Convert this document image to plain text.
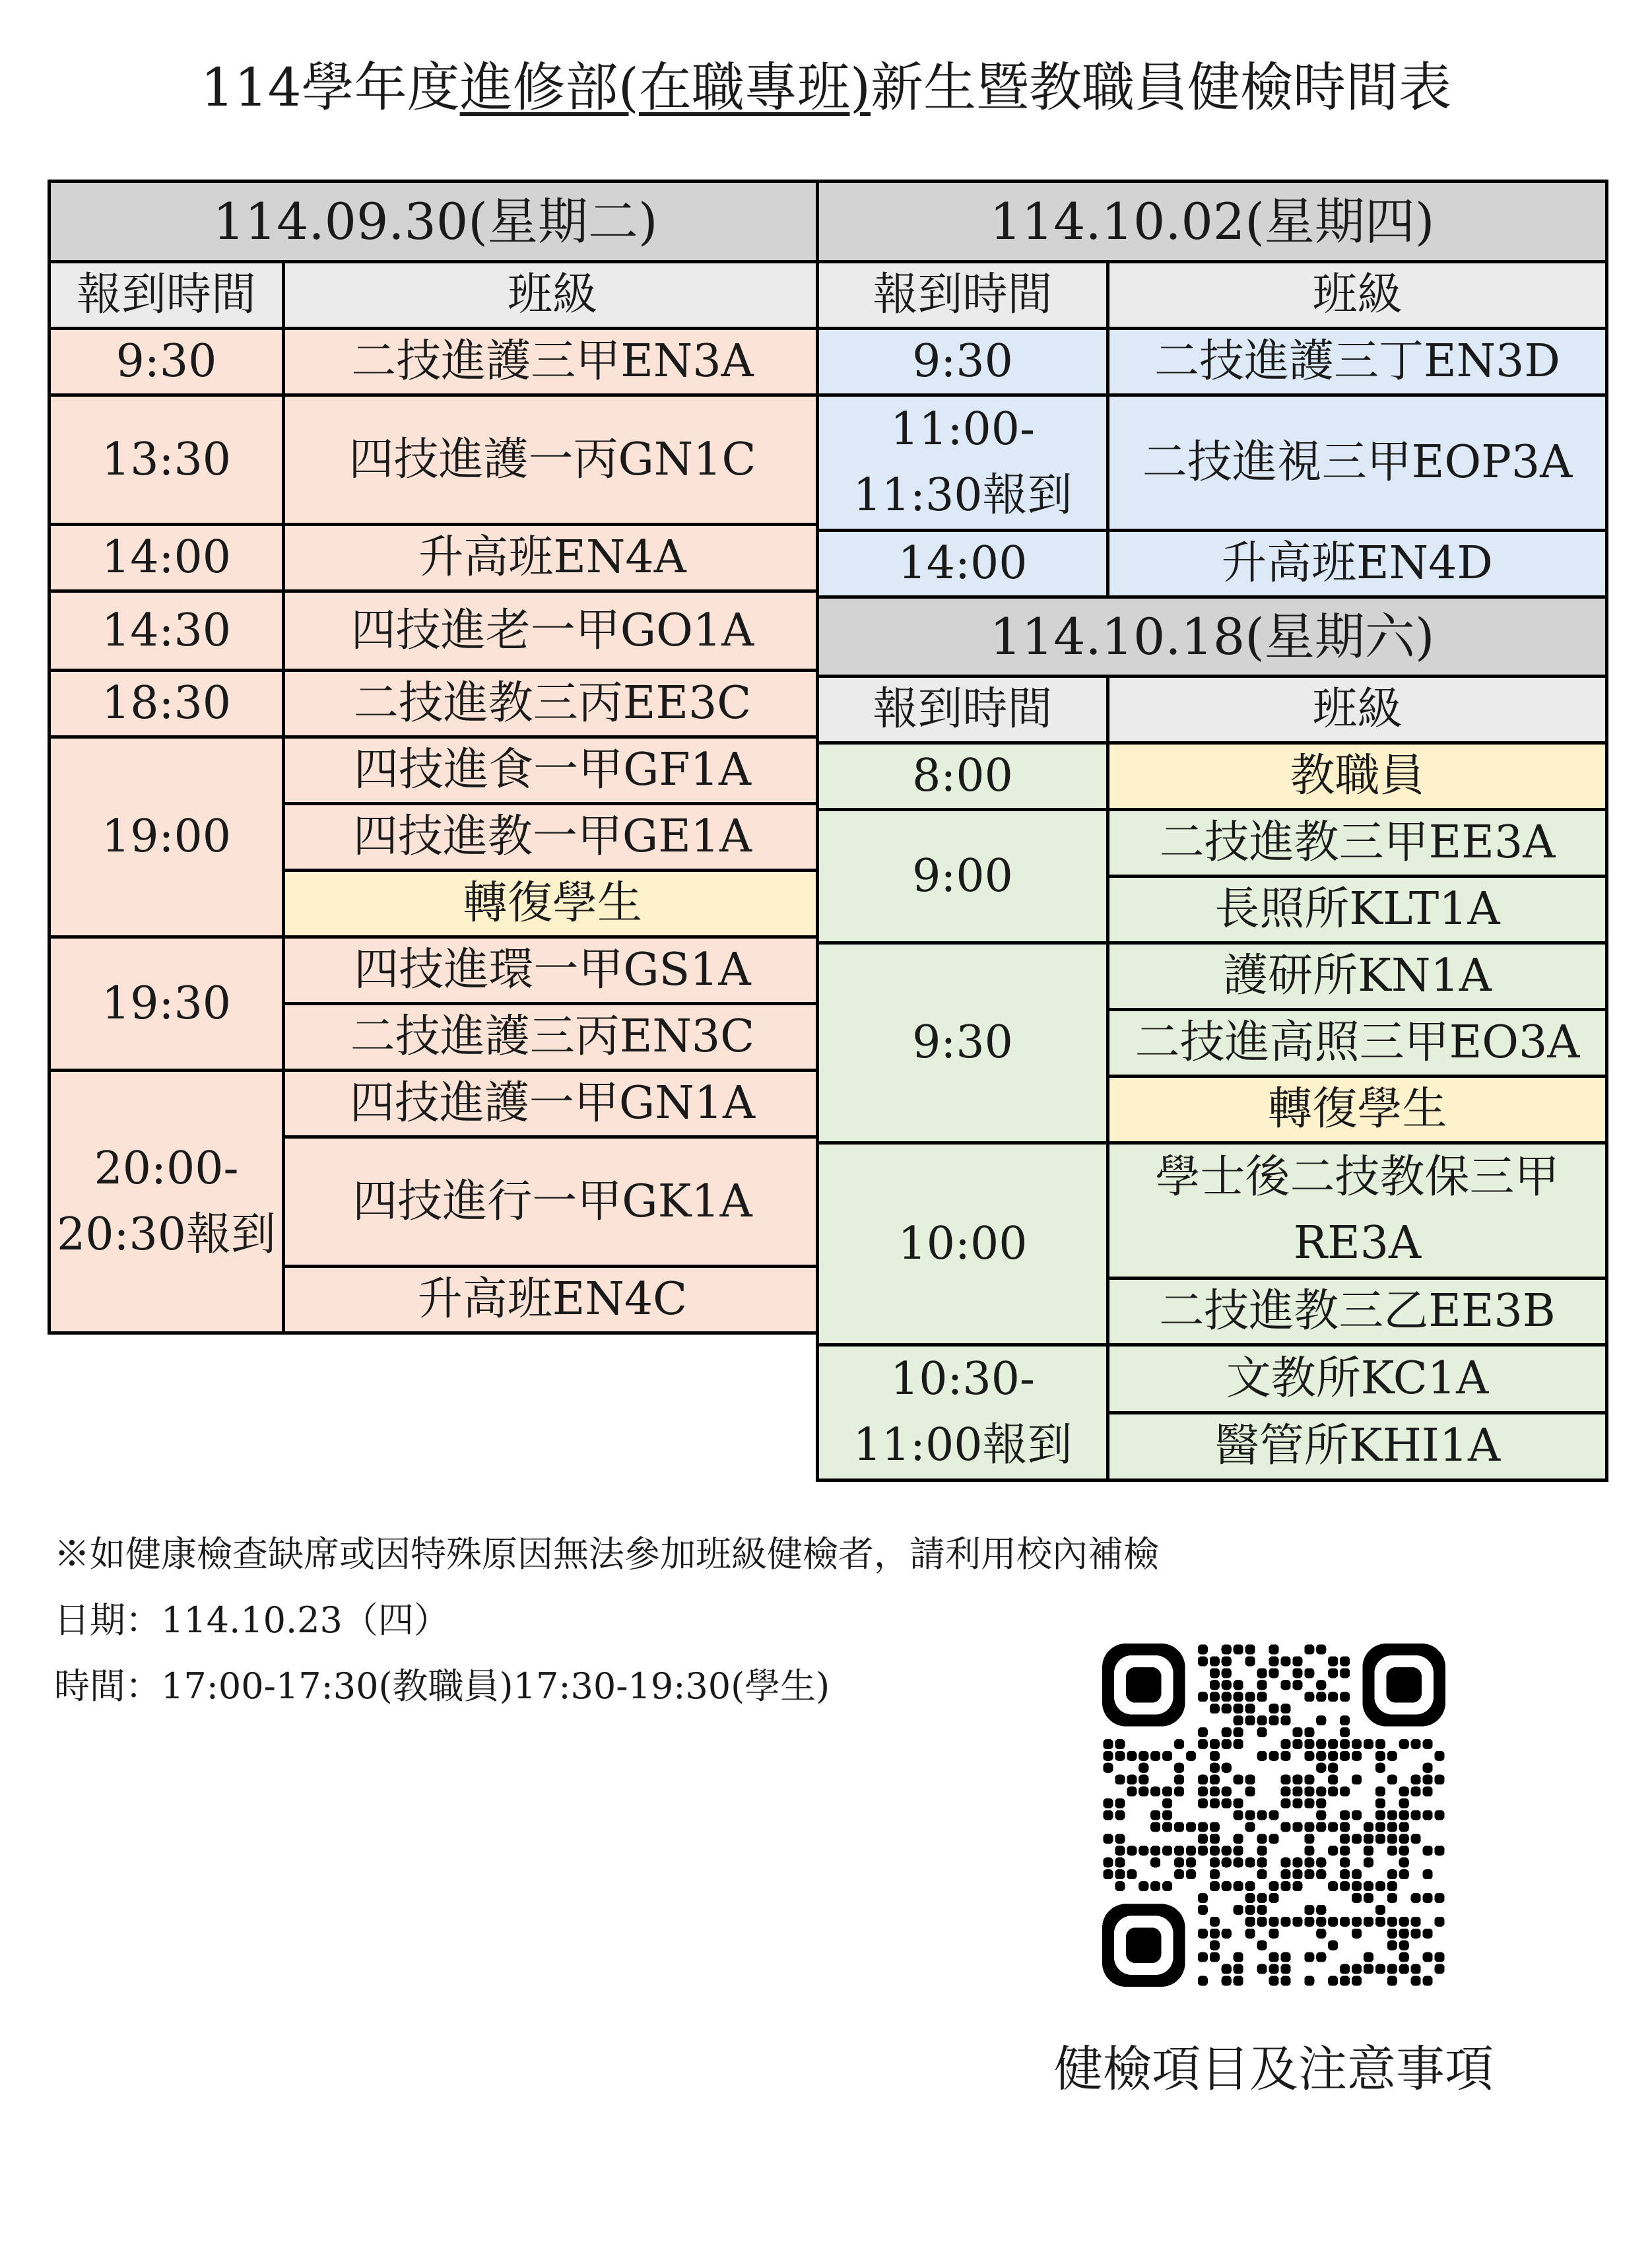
114學年度進修部(在職專班)新生暨教職員健檢時間表
114.09.30(星期二)	
報到時間	班級
9:30	二技進護三甲EN3A
13:30	四技進護一丙GN1C
14:00	升高班EN4A
14:30	四技進老一甲GO1A
18:30	二技進教三丙EE3C
19:00	四技進食一甲GF1A
	四技進教一甲GE1A
	轉復學生
19:30	四技進環一甲GS1A
	二技進護三丙EN3C
20:00-
20:30報到	四技進護一甲GN1A
	四技進行一甲GK1A
	升高班EN4C
114.10.02(星期四)	
報到時間	班級
9:30	二技進護三丁EN3D
11:00-
11:30報到	二技進視三甲EOP3A
14:00	升高班EN4D
114.10.18(星期六)	
報到時間	班級
8:00	教職員
9:00	二技進教三甲EE3A
	長照所KLT1A
9:30	護研所KN1A
	二技進高照三甲EO3A
	轉復學生
10:00	學士後二技教保三甲RE3A
	二技進教三乙EE3B
10:30-
11:00報到	文教所KC1A
	醫管所KHI1A
※如健康檢查缺席或因特殊原因無法參加班級健檢者，請利用校內補檢
日期：114.10.23（四）
時間：17:00-17:30(教職員)17:30-19:30(學生)
健檢項目及注意事項
